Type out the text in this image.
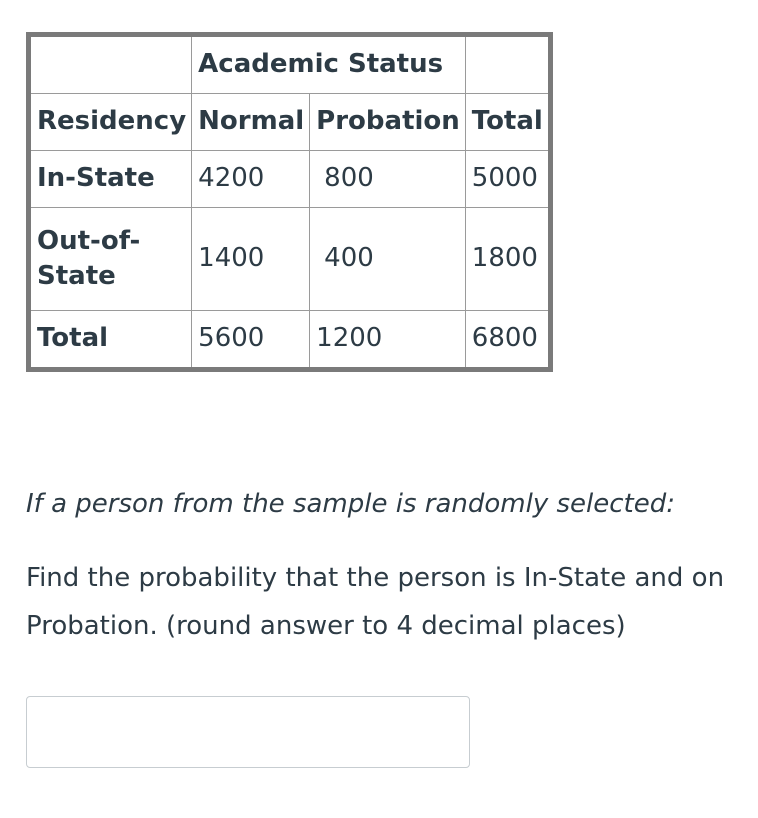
	Academic Status		
Residency	Normal	Probation	Total
In-State	4200	800	5000
Out-of-State	1400	400	1800
Total	5600	1200	6800

If a person from the sample is randomly selected:

Find the probability that the person is In-State and on Probation. (round answer to 4 decimal places)
